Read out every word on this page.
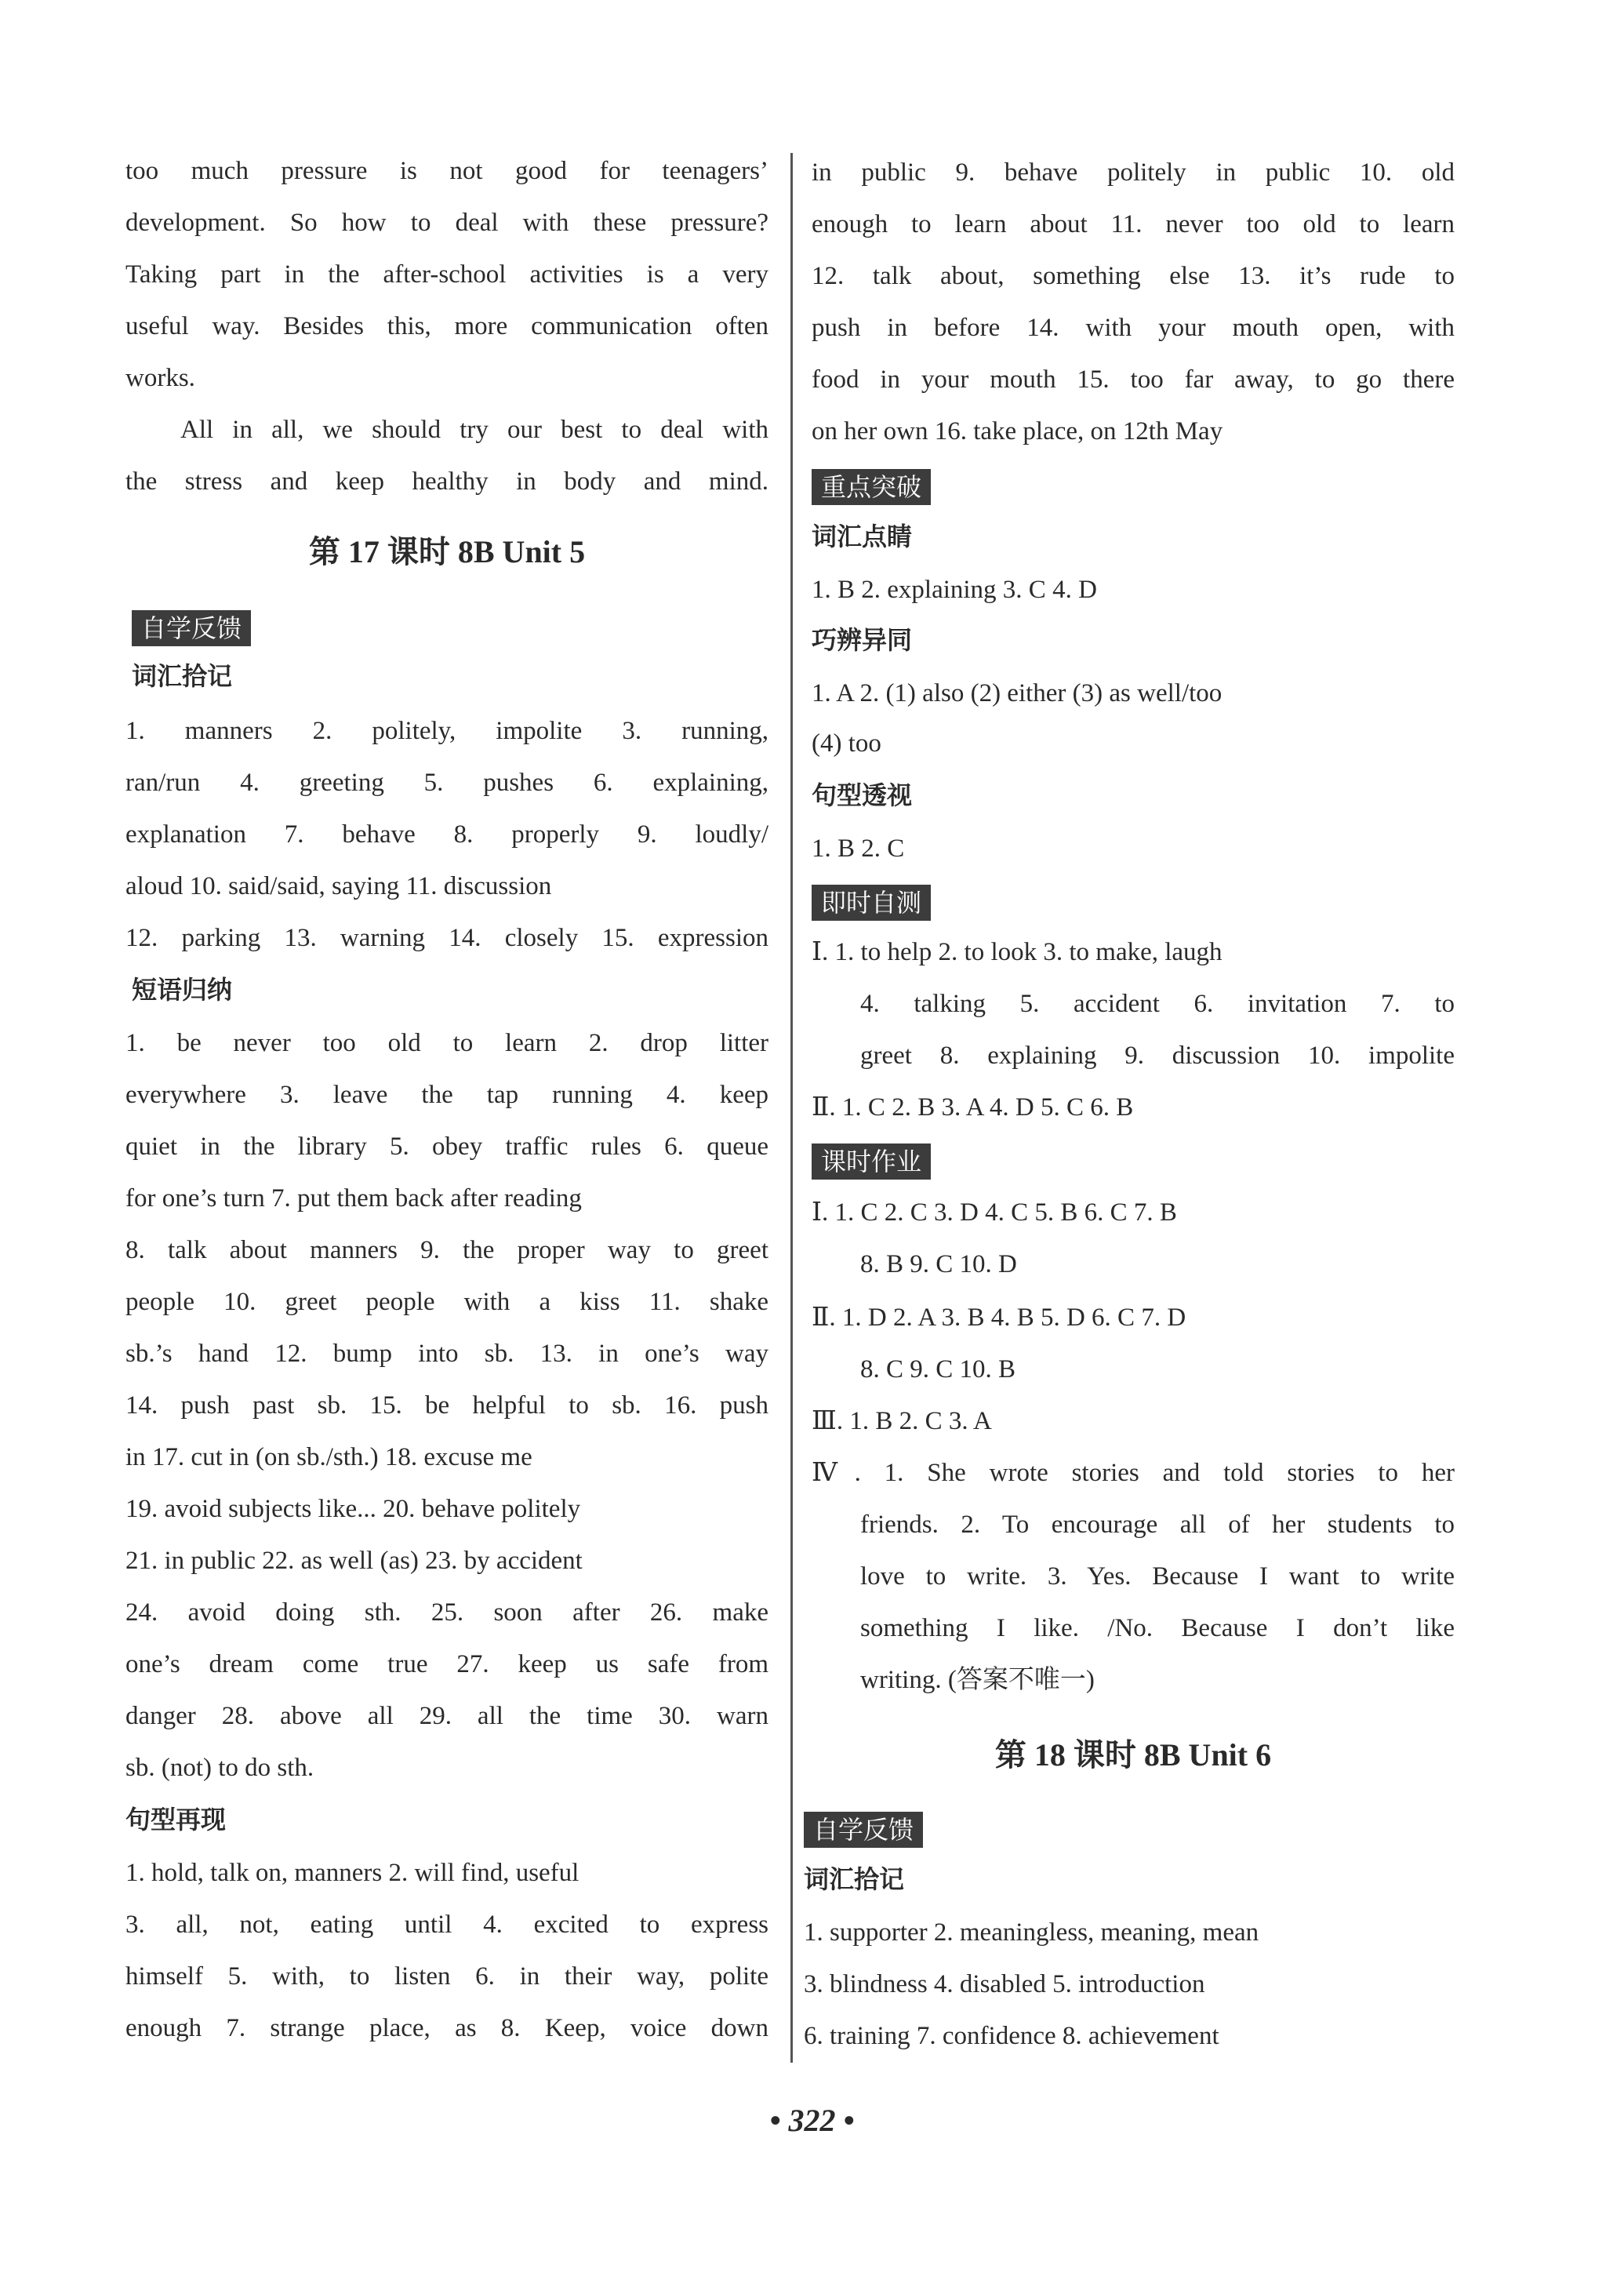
too much pressure is not good for teenagers’
development. So how to deal with these pressure?
Taking part in the after-school activities is a very
useful way. Besides this, more communication often
works.
All in all, we should try our best to deal with
the stress and keep healthy in body and mind.
第 17 课时 8B Unit 5
自学反馈
词汇拾记
1. manners 2. politely, impolite 3. running,
ran/run 4. greeting 5. pushes 6. explaining,
explanation 7. behave 8. properly 9. loudly/
aloud 10. said/said, saying 11. discussion
12. parking 13. warning 14. closely 15. expression
短语归纳
1. be never too old to learn 2. drop litter
everywhere 3. leave the tap running 4. keep
quiet in the library 5. obey traffic rules 6. queue
for one’s turn 7. put them back after reading
8. talk about manners 9. the proper way to greet
people 10. greet people with a kiss 11. shake
sb.’s hand 12. bump into sb. 13. in one’s way
14. push past sb. 15. be helpful to sb. 16. push
in 17. cut in (on sb./sth.) 18. excuse me
19. avoid subjects like... 20. behave politely
21. in public 22. as well (as) 23. by accident
24. avoid doing sth. 25. soon after 26. make
one’s dream come true 27. keep us safe from
danger 28. above all 29. all the time 30. warn
sb. (not) to do sth.
句型再现
1. hold, talk on, manners 2. will find, useful
3. all, not, eating until 4. excited to express
himself 5. with, to listen 6. in their way, polite
enough 7. strange place, as 8. Keep, voice down
in public 9. behave politely in public 10. old
enough to learn about 11. never too old to learn
12. talk about, something else 13. it’s rude to
push in before 14. with your mouth open, with
food in your mouth 15. too far away, to go there
on her own 16. take place, on 12th May
重点突破
词汇点睛
1. B 2. explaining 3. C 4. D
巧辨异同
1. A 2. (1) also (2) either (3) as well/too
(4) too
句型透视
1. B 2. C
即时自测
Ⅰ. 1. to help 2. to look 3. to make, laugh
4. talking 5. accident 6. invitation 7. to
greet 8. explaining 9. discussion 10. impolite
Ⅱ. 1. C 2. B 3. A 4. D 5. C 6. B
课时作业
Ⅰ. 1. C 2. C 3. D 4. C 5. B 6. C 7. B
8. B 9. C 10. D
Ⅱ. 1. D 2. A 3. B 4. B 5. D 6. C 7. D
8. C 9. C 10. B
Ⅲ. 1. B 2. C 3. A
Ⅳ. 1. She wrote stories and told stories to her
friends. 2. To encourage all of her students to
love to write. 3. Yes. Because I want to write
something I like. /No. Because I don’t like
writing. (答案不唯一)
第 18 课时 8B Unit 6
自学反馈
词汇拾记
1. supporter 2. meaningless, meaning, mean
3. blindness 4. disabled 5. introduction
6. training 7. confidence 8. achievement
• 322 •
